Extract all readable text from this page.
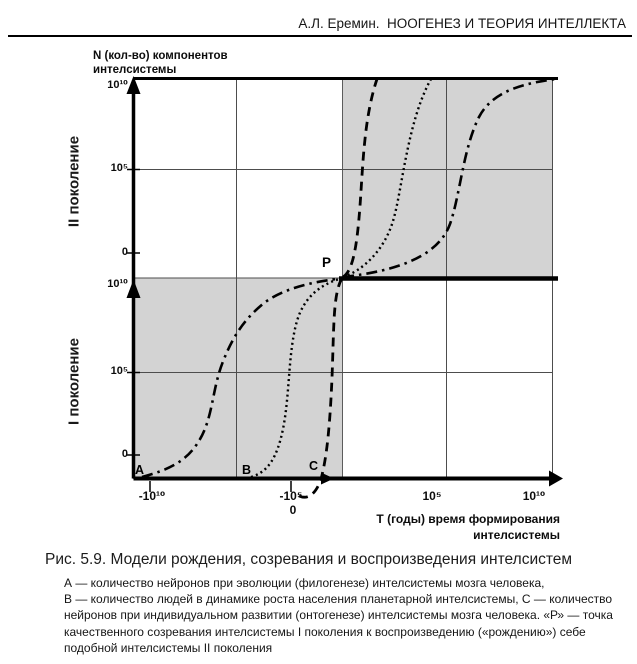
А.Л. Еремин.  НООГЕНЕЗ И ТЕОРИЯ ИНТЕЛЛЕКТА
N (кол-во) компонентов
интелсистемы
II поколение
I поколение
10¹⁰
10⁵
0
10¹⁰
10⁵
0
P
А	В	С
-10¹⁰	-10⁵
0
10⁵	10¹⁰
Т (годы) время формирования
интелсистемы
Рис. 5.9. Модели рождения, созревания и воспроизведения интелсистем
А — количество нейронов при эволюции (филогенезе) интелсистемы мозга человека,
В — количество людей в динамике роста населения планетарной интелсистемы, С — количество
нейронов при индивидуальном развитии (онтогенезе) интелсистемы мозга человека. «Р» — точка
качественного созревания интелсистемы I поколения к воспроизведению («рождению») себе
подобной интелсистемы II поколения
